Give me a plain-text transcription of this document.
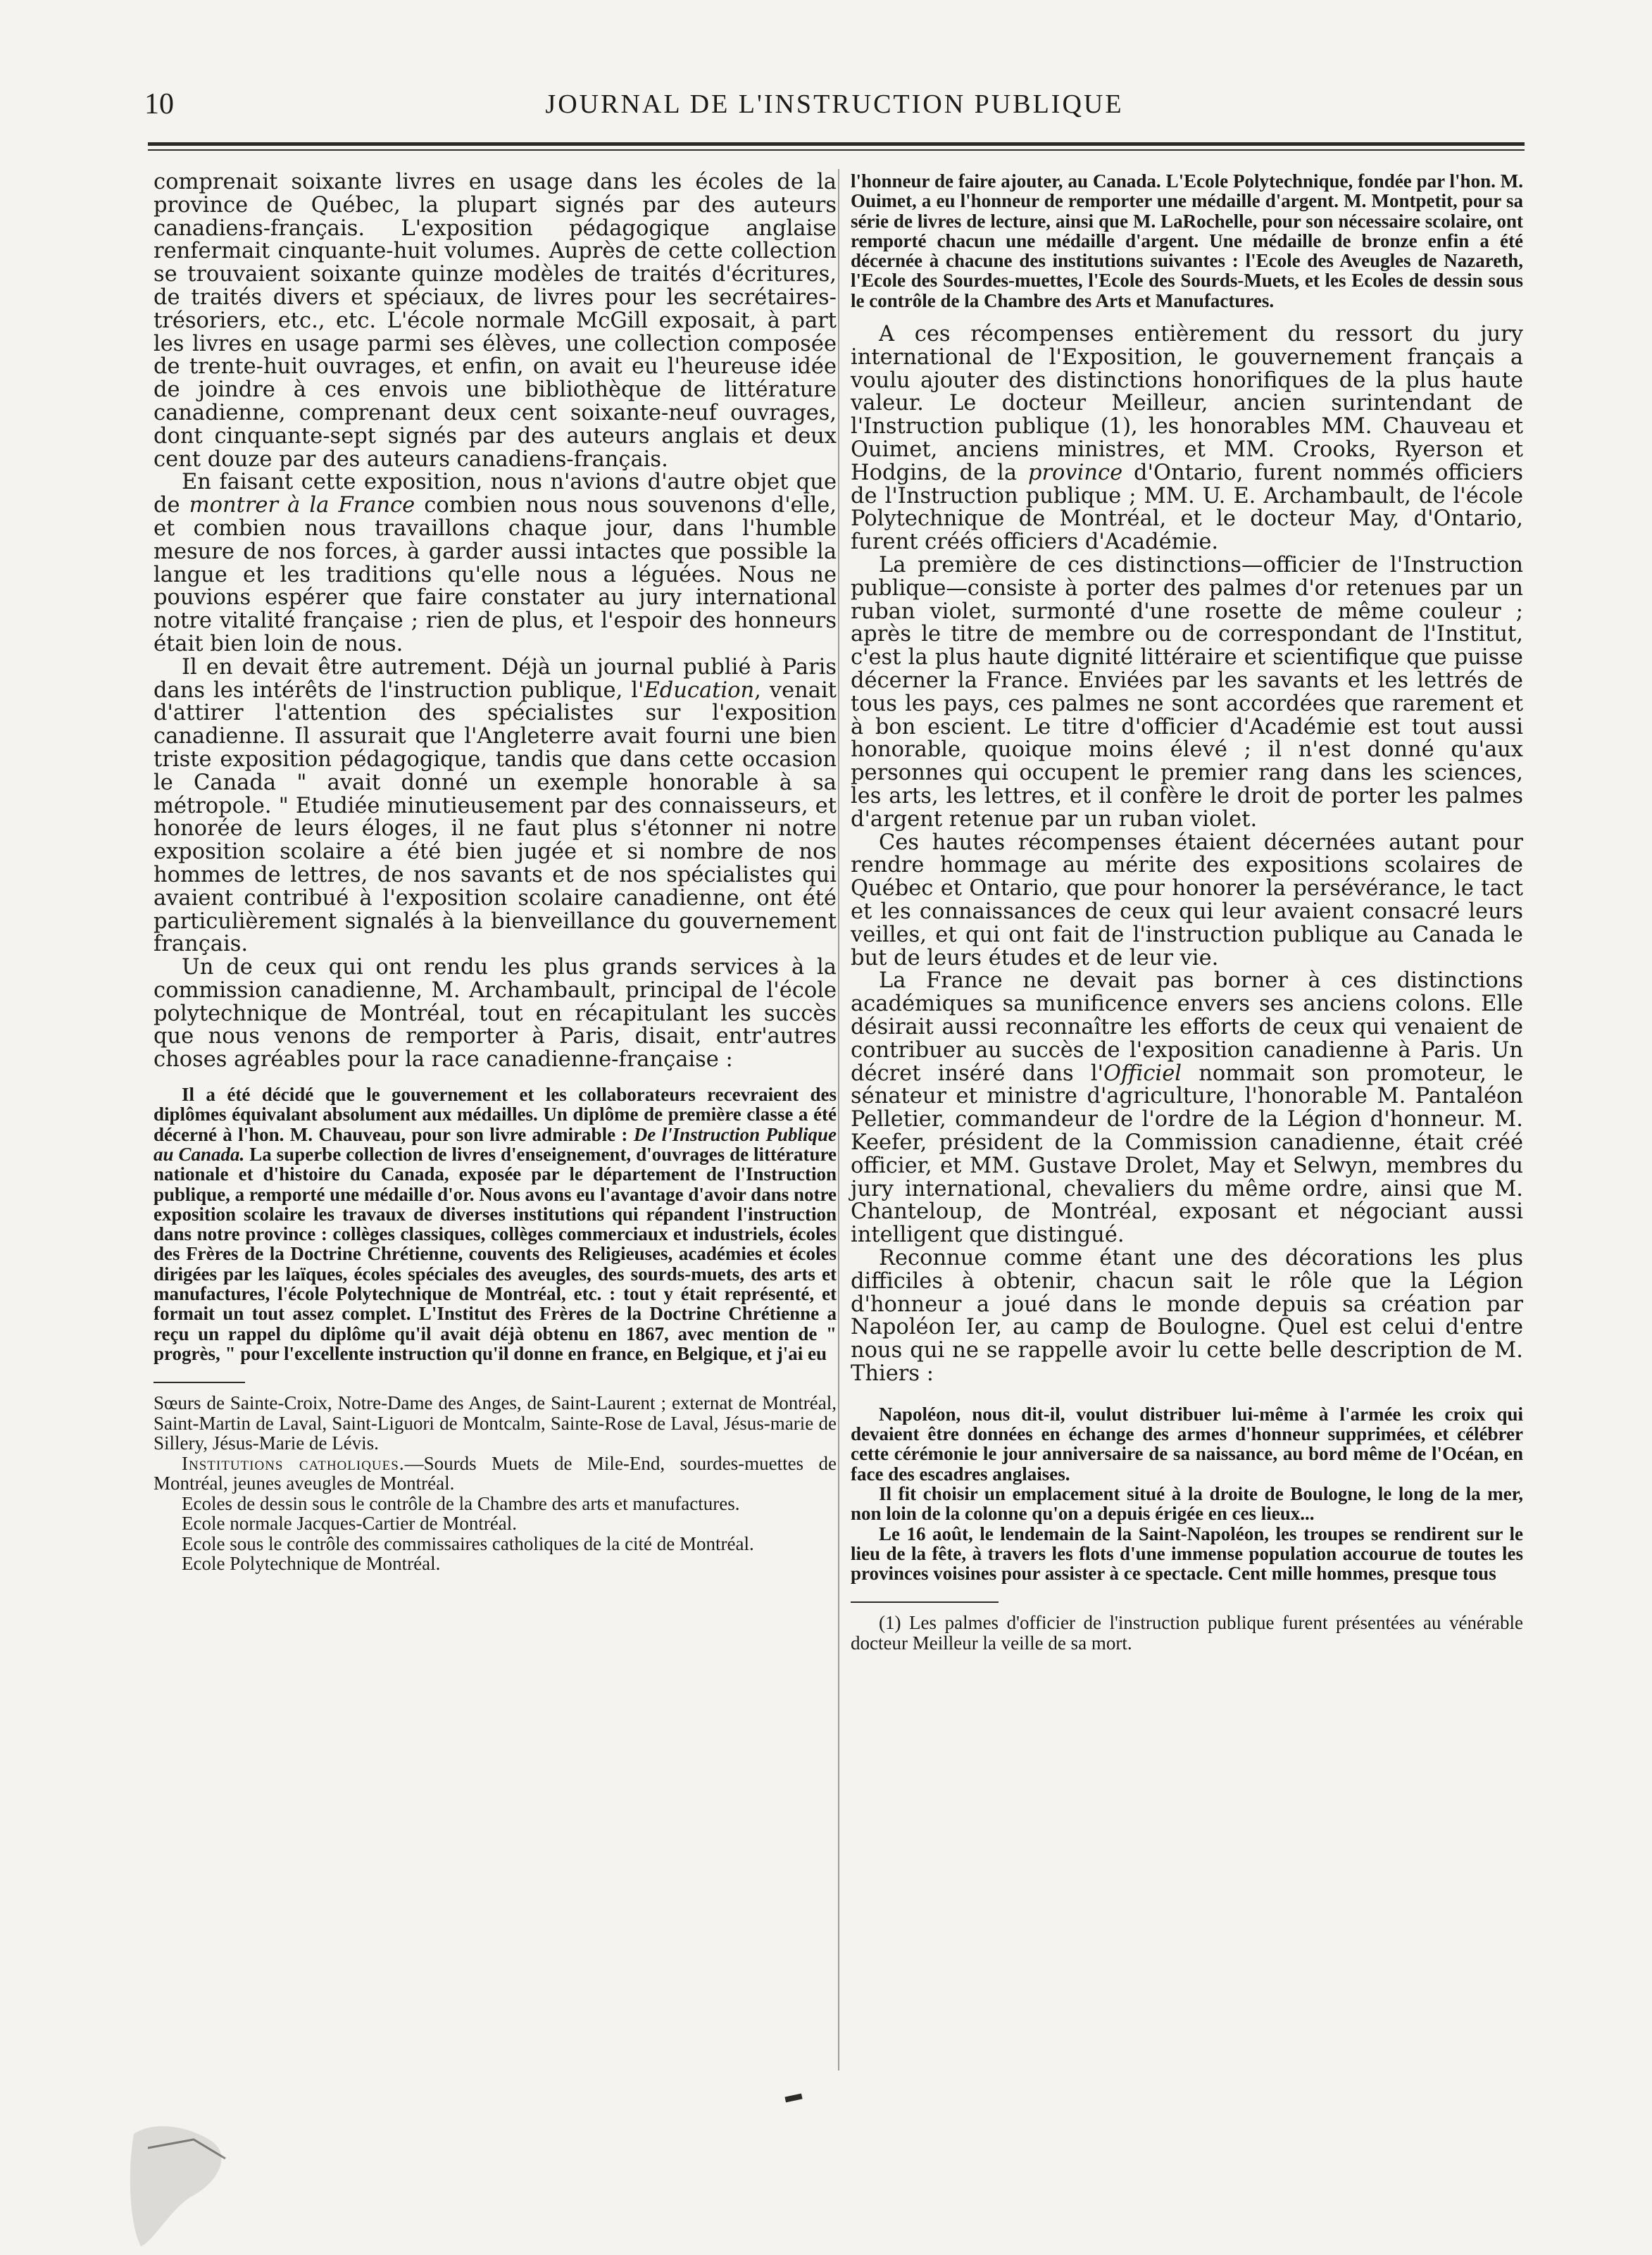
10	JOURNAL DE L'INSTRUCTION PUBLIQUE

comprenait soixante livres en usage dans les écoles de la province de Québec, la plupart signés par des auteurs canadiens-français. L'exposition pédagogique anglaise renfermait cinquante-huit volumes. Auprès de cette collection se trouvaient soixante quinze modèles de traités d'écritures, de traités divers et spéciaux, de livres pour les secrétaires-trésoriers, etc., etc. L'école normale McGill exposait, à part les livres en usage parmi ses élèves, une collection composée de trente-huit ouvrages, et enfin, on avait eu l'heureuse idée de joindre à ces envois une bibliothèque de littérature canadienne, comprenant deux cent soixante-neuf ouvrages, dont cinquante-sept signés par des auteurs anglais et deux cent douze par des auteurs canadiens-français.

En faisant cette exposition, nous n'avions d'autre objet que de montrer à la France combien nous nous souvenons d'elle, et combien nous travaillons chaque jour, dans l'humble mesure de nos forces, à garder aussi intactes que possible la langue et les traditions qu'elle nous a léguées. Nous ne pouvions espérer que faire constater au jury international notre vitalité française ; rien de plus, et l'espoir des honneurs était bien loin de nous.

Il en devait être autrement. Déjà un journal publié à Paris dans les intérêts de l'instruction publique, l'Education, venait d'attirer l'attention des spécialistes sur l'exposition canadienne. Il assurait que l'Angleterre avait fourni une bien triste exposition pédagogique, tandis que dans cette occasion le Canada " avait donné un exemple honorable à sa métropole. " Etudiée minutieusement par des connaisseurs, et honorée de leurs éloges, il ne faut plus s'étonner ni notre exposition scolaire a été bien jugée et si nombre de nos hommes de lettres, de nos savants et de nos spécialistes qui avaient contribué à l'exposition scolaire canadienne, ont été particulièrement signalés à la bienveillance du gouvernement français.

Un de ceux qui ont rendu les plus grands services à la commission canadienne, M. Archambault, principal de l'école polytechnique de Montréal, tout en récapitulant les succès que nous venons de remporter à Paris, disait, entr'autres choses agréables pour la race canadienne-française :

Il a été décidé que le gouvernement et les collaborateurs recevraient des diplômes équivalant absolument aux médailles. Un diplôme de première classe a été décerné à l'hon. M. Chauveau, pour son livre admirable : De l'Instruction Publique au Canada. La superbe collection de livres d'enseignement, d'ouvrages de littérature nationale et d'histoire du Canada, exposée par le département de l'Instruction publique, a remporté une médaille d'or. Nous avons eu l'avantage d'avoir dans notre exposition scolaire les travaux de diverses institutions qui répandent l'instruction dans notre province : collèges classiques, collèges commerciaux et industriels, écoles des Frères de la Doctrine Chrétienne, couvents des Religieuses, académies et écoles dirigées par les laïques, écoles spéciales des aveugles, des sourds-muets, des arts et manufactures, l'école Polytechnique de Montréal, etc. : tout y était représenté, et formait un tout assez complet. L'Institut des Frères de la Doctrine Chrétienne a reçu un rappel du diplôme qu'il avait déjà obtenu en 1867, avec mention de " progrès, " pour l'excellente instruction qu'il donne en france, en Belgique, et j'ai eu

Sœurs de Sainte-Croix, Notre-Dame des Anges, de Saint-Laurent ; externat de Montréal, Saint-Martin de Laval, Saint-Liguori de Montcalm, Sainte-Rose de Laval, Jésus-marie de Sillery, Jésus-Marie de Lévis.

Institutions catholiques.—Sourds Muets de Mile-End, sourdes-muettes de Montréal, jeunes aveugles de Montréal.

Ecoles de dessin sous le contrôle de la Chambre des arts et manufactures.

Ecole normale Jacques-Cartier de Montréal.

Ecole sous le contrôle des commissaires catholiques de la cité de Montréal.

Ecole Polytechnique de Montréal.

l'honneur de faire ajouter, au Canada. L'Ecole Polytechnique, fondée par l'hon. M. Ouimet, a eu l'honneur de remporter une médaille d'argent. M. Montpetit, pour sa série de livres de lecture, ainsi que M. LaRochelle, pour son nécessaire scolaire, ont remporté chacun une médaille d'argent. Une médaille de bronze enfin a été décernée à chacune des institutions suivantes : l'Ecole des Aveugles de Nazareth, l'Ecole des Sourdes-muettes, l'Ecole des Sourds-Muets, et les Ecoles de dessin sous le contrôle de la Chambre des Arts et Manufactures.

A ces récompenses entièrement du ressort du jury international de l'Exposition, le gouvernement français a voulu ajouter des distinctions honorifiques de la plus haute valeur. Le docteur Meilleur, ancien surintendant de l'Instruction publique (1), les honorables MM. Chauveau et Ouimet, anciens ministres, et MM. Crooks, Ryerson et Hodgins, de la province d'Ontario, furent nommés officiers de l'Instruction publique ; MM. U. E. Archambault, de l'école Polytechnique de Montréal, et le docteur May, d'Ontario, furent créés officiers d'Académie.

La première de ces distinctions—officier de l'Instruction publique—consiste à porter des palmes d'or retenues par un ruban violet, surmonté d'une rosette de même couleur ; après le titre de membre ou de correspondant de l'Institut, c'est la plus haute dignité littéraire et scientifique que puisse décerner la France. Enviées par les savants et les lettrés de tous les pays, ces palmes ne sont accordées que rarement et à bon escient. Le titre d'officier d'Académie est tout aussi honorable, quoique moins élevé ; il n'est donné qu'aux personnes qui occupent le premier rang dans les sciences, les arts, les lettres, et il confère le droit de porter les palmes d'argent retenue par un ruban violet.

Ces hautes récompenses étaient décernées autant pour rendre hommage au mérite des expositions scolaires de Québec et Ontario, que pour honorer la persévérance, le tact et les connaissances de ceux qui leur avaient consacré leurs veilles, et qui ont fait de l'instruction publique au Canada le but de leurs études et de leur vie.

La France ne devait pas borner à ces distinctions académiques sa munificence envers ses anciens colons. Elle désirait aussi reconnaître les efforts de ceux qui venaient de contribuer au succès de l'exposition canadienne à Paris. Un décret inséré dans l'Officiel nommait son promoteur, le sénateur et ministre d'agriculture, l'honorable M. Pantaléon Pelletier, commandeur de l'ordre de la Légion d'honneur. M. Keefer, président de la Commission canadienne, était créé officier, et MM. Gustave Drolet, May et Selwyn, membres du jury international, chevaliers du même ordre, ainsi que M. Chanteloup, de Montréal, exposant et négociant aussi intelligent que distingué.

Reconnue comme étant une des décorations les plus difficiles à obtenir, chacun sait le rôle que la Légion d'honneur a joué dans le monde depuis sa création par Napoléon Ier, au camp de Boulogne. Quel est celui d'entre nous qui ne se rappelle avoir lu cette belle description de M. Thiers :

Napoléon, nous dit-il, voulut distribuer lui-même à l'armée les croix qui devaient être données en échange des armes d'honneur supprimées, et célébrer cette cérémonie le jour anniversaire de sa naissance, au bord même de l'Océan, en face des escadres anglaises.

Il fit choisir un emplacement situé à la droite de Boulogne, le long de la mer, non loin de la colonne qu'on a depuis érigée en ces lieux...

Le 16 août, le lendemain de la Saint-Napoléon, les troupes se rendirent sur le lieu de la fête, à travers les flots d'une immense population accourue de toutes les provinces voisines pour assister à ce spectacle. Cent mille hommes, presque tous

(1) Les palmes d'officier de l'instruction publique furent présentées au vénérable docteur Meilleur la veille de sa mort.
